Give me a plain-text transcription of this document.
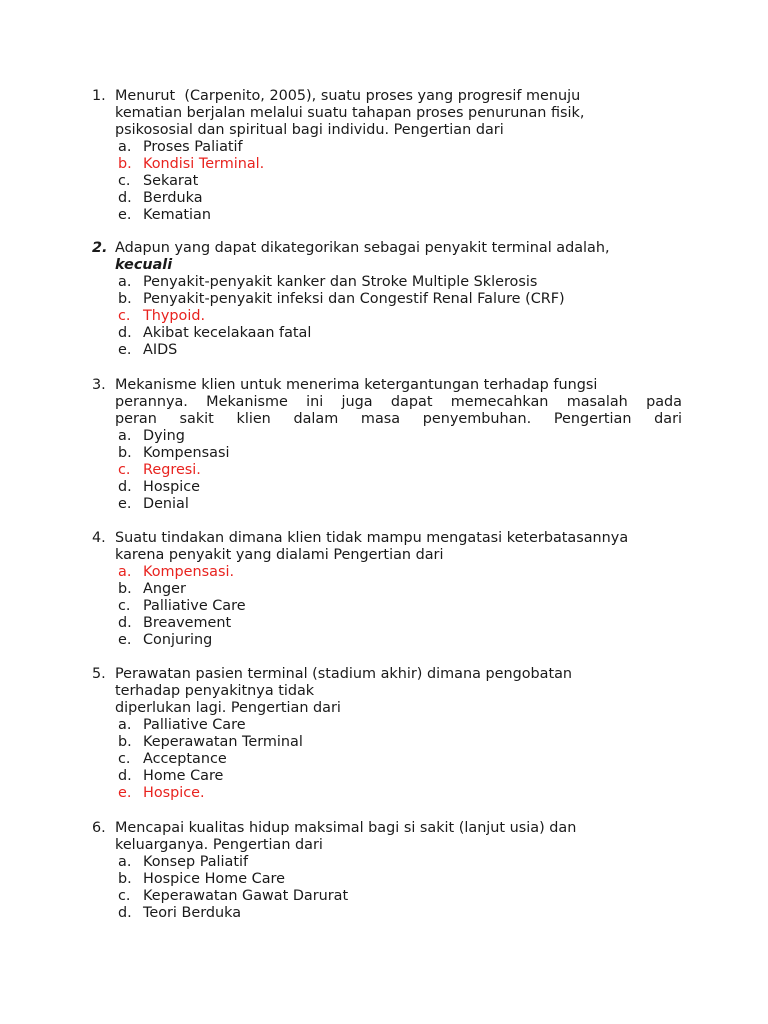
1. Menurut  (Carpenito, 2005), suatu proses yang progresif menuju
kematian berjalan melalui suatu tahapan proses penurunan fisik,
psikososial dan spiritual bagi individu. Pengertian dari
a. Proses Paliatif
b. Kondisi Terminal.
c. Sekarat
d. Berduka
e. Kematian
2. Adapun yang dapat dikategorikan sebagai penyakit terminal adalah,
kecuali
a. Penyakit-penyakit kanker dan Stroke Multiple Sklerosis
b. Penyakit-penyakit infeksi dan Congestif Renal Falure (CRF)
c. Thypoid.
d. Akibat kecelakaan fatal
e. AIDS
3. Mekanisme klien untuk menerima ketergantungan terhadap fungsi
perannya. Mekanisme ini juga dapat memecahkan masalah pada
peran sakit klien dalam masa penyembuhan. Pengertian dari
a. Dying
b. Kompensasi
c. Regresi.
d. Hospice
e. Denial
4. Suatu tindakan dimana klien tidak mampu mengatasi keterbatasannya
karena penyakit yang dialami Pengertian dari
a. Kompensasi.
b. Anger
c. Palliative Care
d. Breavement
e. Conjuring
5. Perawatan pasien terminal (stadium akhir) dimana pengobatan
terhadap penyakitnya tidak
diperlukan lagi. Pengertian dari
a. Palliative Care
b. Keperawatan Terminal
c. Acceptance
d. Home Care
e. Hospice.
6. Mencapai kualitas hidup maksimal bagi si sakit (lanjut usia) dan
keluarganya. Pengertian dari
a. Konsep Paliatif
b. Hospice Home Care
c. Keperawatan Gawat Darurat
d. Teori Berduka
